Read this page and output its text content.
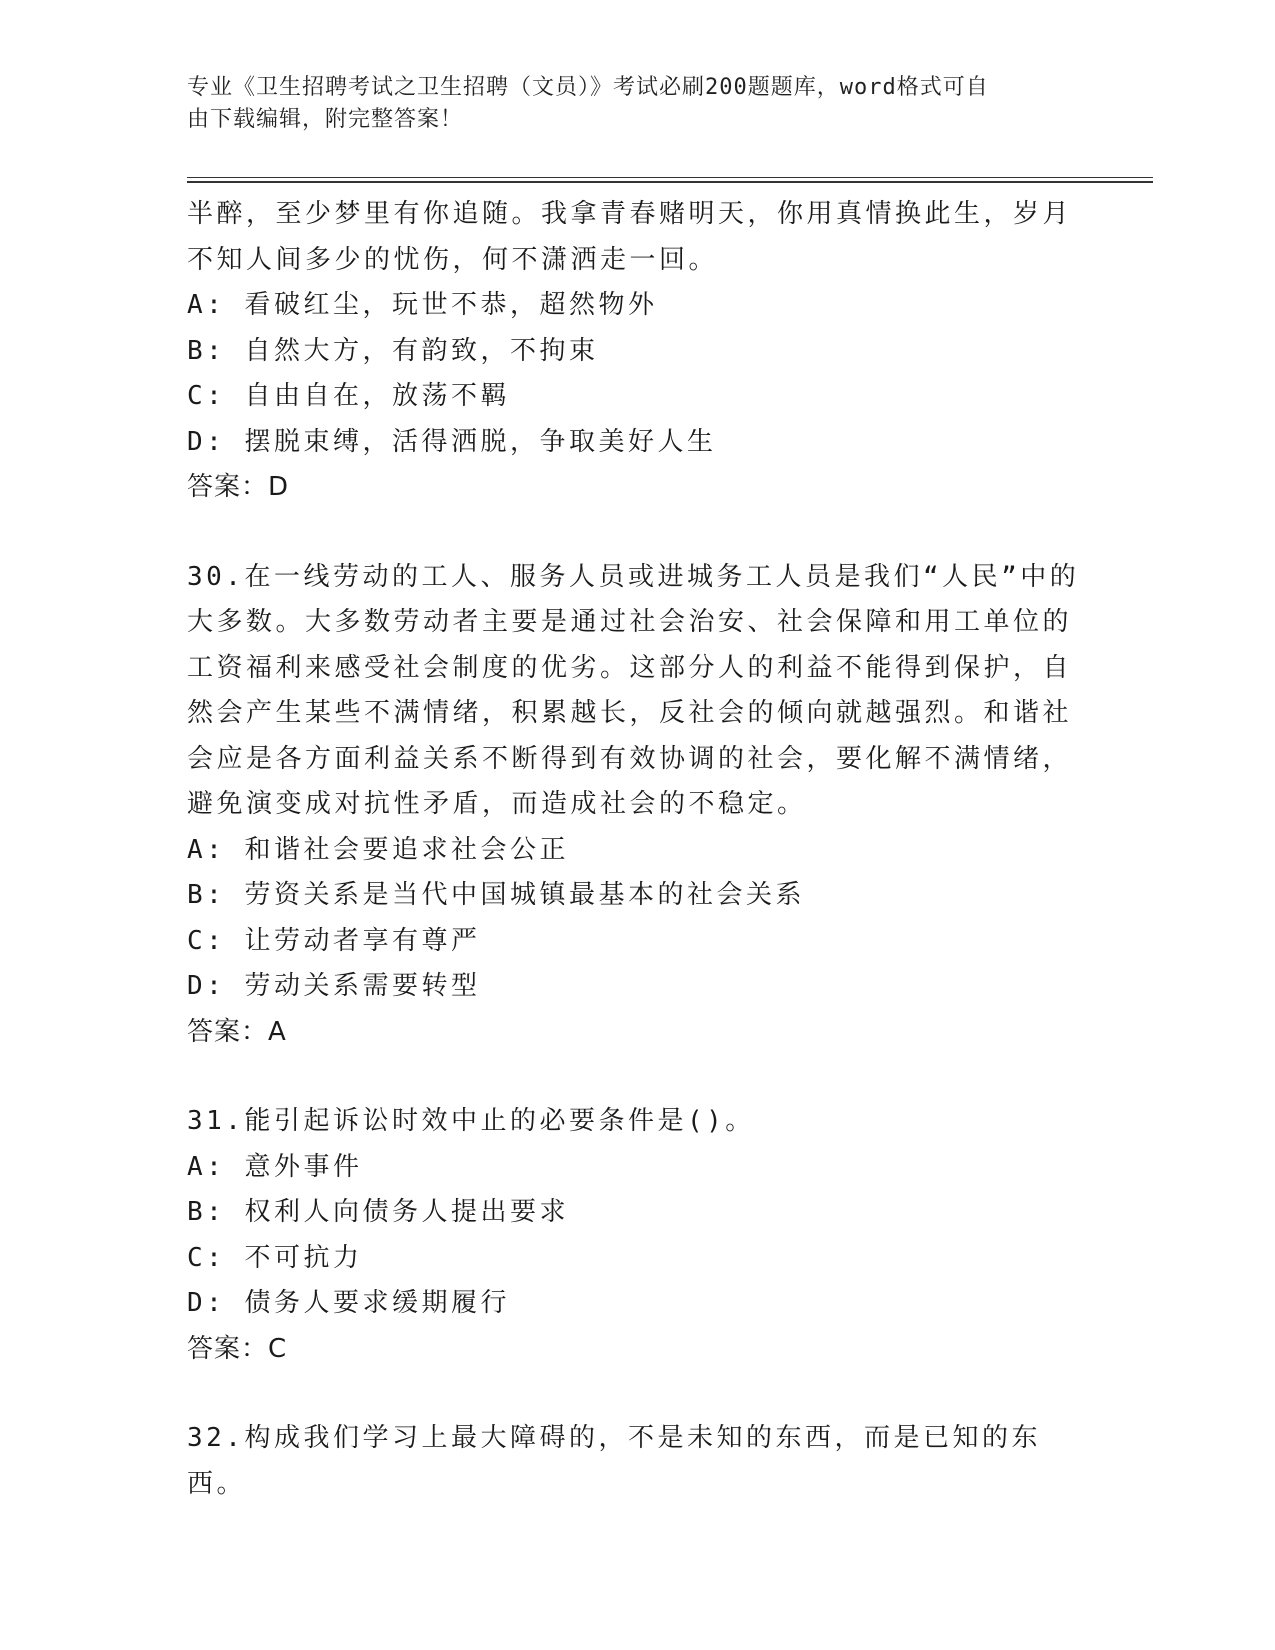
专业《卫生招聘考试之卫生招聘（文员）》考试必刷200题题库，word格式可自
由下载编辑，附完整答案！

半醉，至少梦里有你追随。我拿青春赌明天，你用真情换此生，岁月

不知人间多少的忧伤，何不潇洒走一回。

A: 看破红尘，玩世不恭，超然物外

B: 自然大方，有韵致，不拘束

C: 自由自在，放荡不羁

D: 摆脱束缚，活得洒脱，争取美好人生

答案：D

30.在一线劳动的工人、服务人员或进城务工人员是我们“人民”中的

大多数。大多数劳动者主要是通过社会治安、社会保障和用工单位的

工资福利来感受社会制度的优劣。这部分人的利益不能得到保护，自

然会产生某些不满情绪，积累越长，反社会的倾向就越强烈。和谐社

会应是各方面利益关系不断得到有效协调的社会，要化解不满情绪，

避免演变成对抗性矛盾，而造成社会的不稳定。

A: 和谐社会要追求社会公正

B: 劳资关系是当代中国城镇最基本的社会关系

C: 让劳动者享有尊严

D: 劳动关系需要转型

答案：A

31.能引起诉讼时效中止的必要条件是()。

A: 意外事件

B: 权利人向债务人提出要求

C: 不可抗力

D: 债务人要求缓期履行

答案：C

32.构成我们学习上最大障碍的，不是未知的东西，而是已知的东西。
